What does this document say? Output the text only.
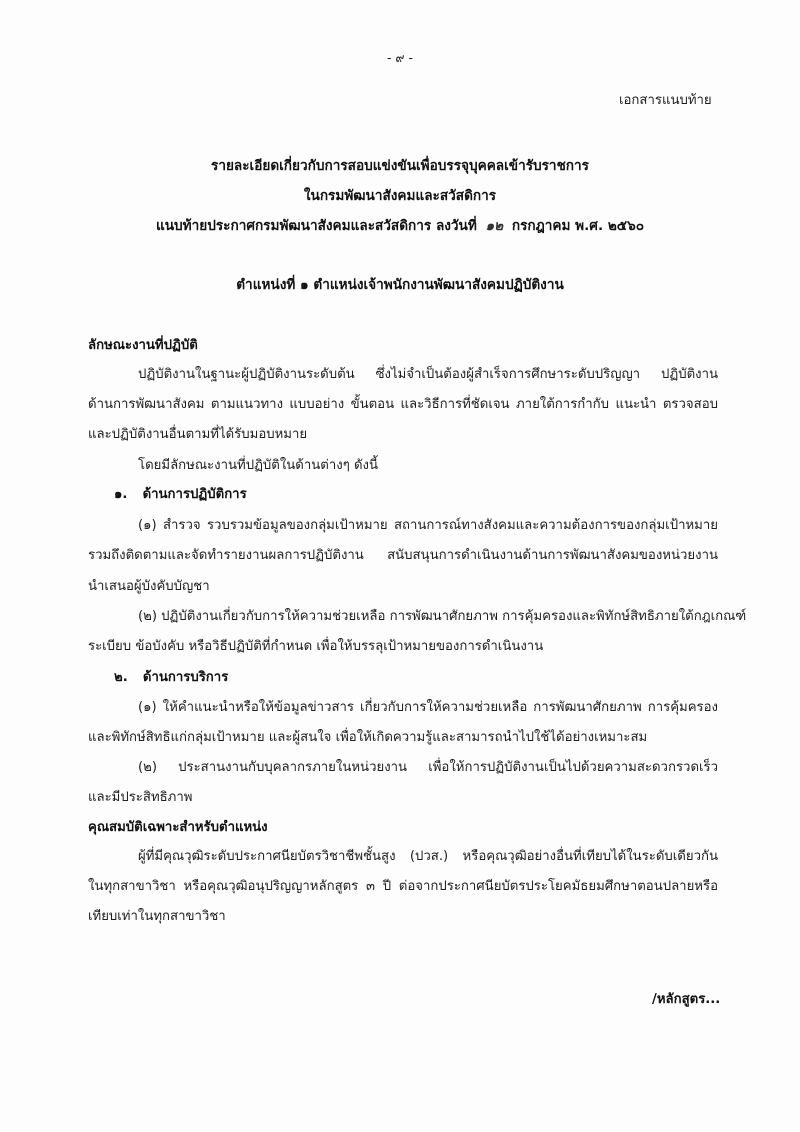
- ๙ -
เอกสารแนบท้าย
รายละเอียดเกี่ยวกับการสอบแข่งขันเพื่อบรรจุบุคคลเข้ารับราชการ
ในกรมพัฒนาสังคมและสวัสดิการ
แนบท้ายประกาศกรมพัฒนาสังคมและสวัสดิการ ลงวันที่ ๑๒ กรกฎาคม พ.ศ. ๒๕๖๐
ตำแหน่งที่ ๑ ตำแหน่งเจ้าพนักงานพัฒนาสังคมปฏิบัติงาน
ลักษณะงานที่ปฏิบัติ
ปฏิบัติงานในฐานะผู้ปฏิบัติงานระดับต้น ซึ่งไม่จำเป็นต้องผู้สำเร็จการศึกษาระดับปริญญา ปฏิบัติงาน
ด้านการพัฒนาสังคม ตามแนวทาง แบบอย่าง ขั้นตอน และวิธีการที่ชัดเจน ภายใต้การกำกับ แนะนำ ตรวจสอบ
และปฏิบัติงานอื่นตามที่ได้รับมอบหมาย
โดยมีลักษณะงานที่ปฏิบัติในด้านต่างๆ ดังนี้
๑. ด้านการปฏิบัติการ
(๑) สำรวจ รวบรวมข้อมูลของกลุ่มเป้าหมาย สถานการณ์ทางสังคมและความต้องการของกลุ่มเป้าหมาย
รวมถึงติดตามและจัดทำรายงานผลการปฏิบัติงาน สนับสนุนการดำเนินงานด้านการพัฒนาสังคมของหน่วยงาน
นำเสนอผู้บังคับบัญชา
(๒) ปฏิบัติงานเกี่ยวกับการให้ความช่วยเหลือ การพัฒนาศักยภาพ การคุ้มครองและพิทักษ์สิทธิภายใต้กฎเกณฑ์
ระเบียบ ข้อบังคับ หรือวิธีปฏิบัติที่กำหนด เพื่อให้บรรลุเป้าหมายของการดำเนินงาน
๒. ด้านการบริการ
(๑) ให้คำแนะนำหรือให้ข้อมูลข่าวสาร เกี่ยวกับการให้ความช่วยเหลือ การพัฒนาศักยภาพ การคุ้มครอง
และพิทักษ์สิทธิแก่กลุ่มเป้าหมาย และผู้สนใจ เพื่อให้เกิดความรู้และสามารถนำไปใช้ได้อย่างเหมาะสม
(๒) ประสานงานกับบุคลากรภายในหน่วยงาน เพื่อให้การปฏิบัติงานเป็นไปด้วยความสะดวกรวดเร็ว
และมีประสิทธิภาพ
คุณสมบัติเฉพาะสำหรับตำแหน่ง
ผู้ที่มีคุณวุฒิระดับประกาศนียบัตรวิชาชีพชั้นสูง (ปวส.) หรือคุณวุฒิอย่างอื่นที่เทียบได้ในระดับเดียวกัน
ในทุกสาขาวิชา หรือคุณวุฒิอนุปริญญาหลักสูตร ๓ ปี ต่อจากประกาศนียบัตรประโยคมัธยมศึกษาตอนปลายหรือ
เทียบเท่าในทุกสาขาวิชา
/หลักสูตร...
